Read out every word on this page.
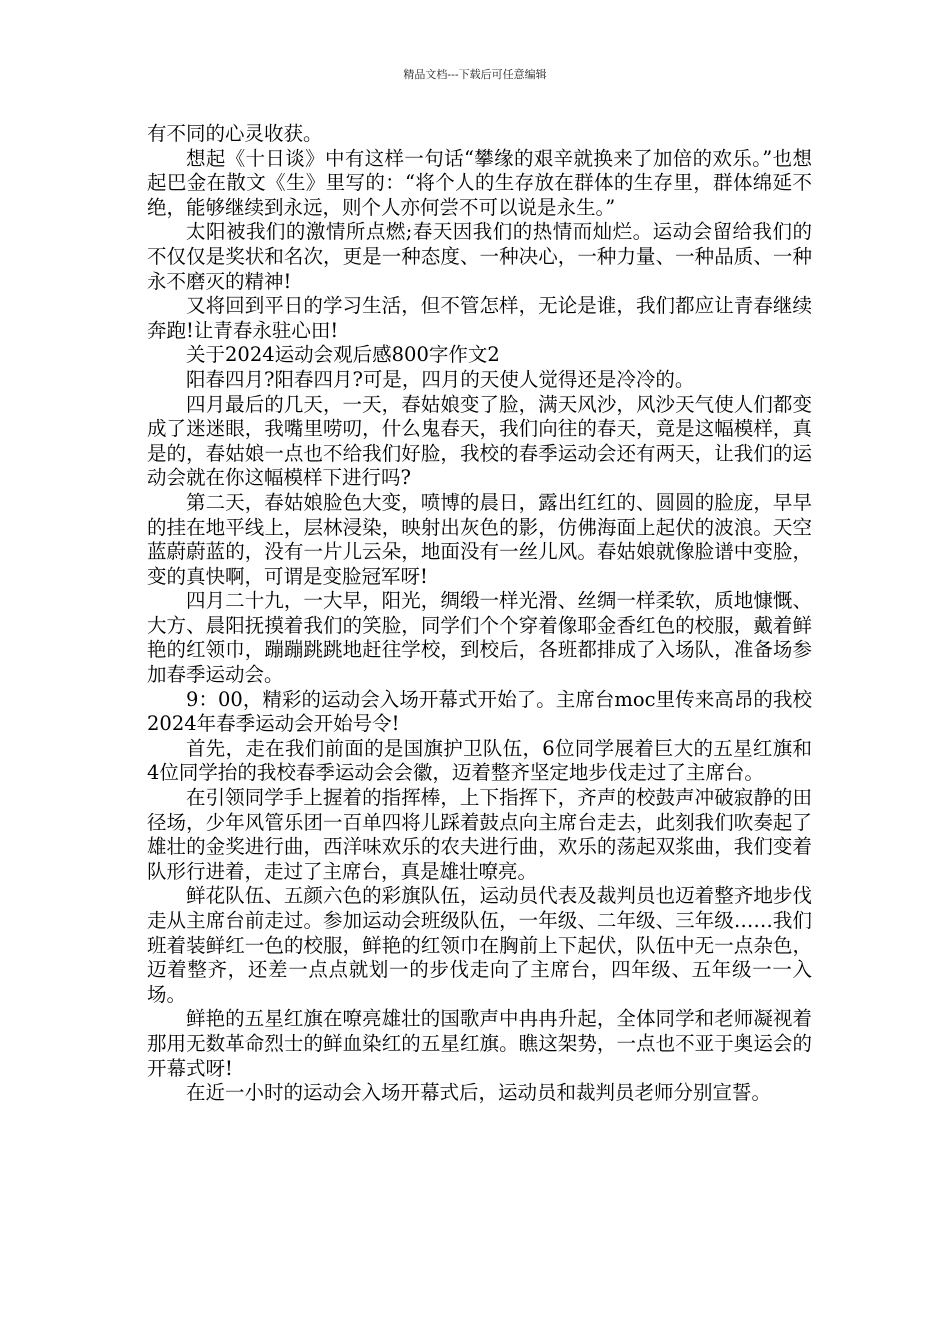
精品文档---下载后可任意编辑

有不同的心灵收获。

想起《十日谈》中有这样一句话“攀缘的艰辛就换来了加倍的欢乐。”也想起巴金在散文《生》里写的：“将个人的生存放在群体的生存里，群体绵延不绝，能够继续到永远，则个人亦何尝不可以说是永生。”

太阳被我们的激情所点燃;春天因我们的热情而灿烂。运动会留给我们的不仅仅是奖状和名次，更是一种态度、一种决心，一种力量、一种品质、一种永不磨灭的精神!

又将回到平日的学习生活，但不管怎样，无论是谁，我们都应让青春继续奔跑!让青春永驻心田!

关于2024运动会观后感800字作文2

阳春四月?阳春四月?可是，四月的天使人觉得还是冷冷的。

四月最后的几天，一天，春姑娘变了脸，满天风沙，风沙天气使人们都变成了迷迷眼，我嘴里唠叨，什么鬼春天，我们向往的春天，竟是这幅模样，真是的，春姑娘一点也不给我们好脸，我校的春季运动会还有两天，让我们的运动会就在你这幅模样下进行吗?

第二天，春姑娘脸色大变，喷博的晨日，露出红红的、圆圆的脸庞，早早的挂在地平线上，层林浸染，映射出灰色的影，仿佛海面上起伏的波浪。天空蓝蔚蔚蓝的，没有一片儿云朵，地面没有一丝儿风。春姑娘就像脸谱中变脸，变的真快啊，可谓是变脸冠军呀!

四月二十九，一大早，阳光，绸缎一样光滑、丝绸一样柔软，质地慷慨、大方、晨阳抚摸着我们的笑脸，同学们个个穿着像耶金香红色的校服，戴着鲜艳的红领巾，蹦蹦跳跳地赶往学校，到校后，各班都排成了入场队，准备场参加春季运动会。

9：00，精彩的运动会入场开幕式开始了。主席台moc里传来高昂的我校2024年春季运动会开始号令!

首先，走在我们前面的是国旗护卫队伍，6位同学展着巨大的五星红旗和4位同学抬的我校春季运动会会徽，迈着整齐坚定地步伐走过了主席台。

在引领同学手上握着的指挥棒，上下指挥下，齐声的校鼓声冲破寂静的田径场，少年风管乐团一百单四将儿踩着鼓点向主席台走去，此刻我们吹奏起了雄壮的金奖进行曲，西洋味欢乐的农夫进行曲，欢乐的荡起双浆曲，我们变着队形行进着，走过了主席台，真是雄壮嘹亮。

鲜花队伍、五颜六色的彩旗队伍，运动员代表及裁判员也迈着整齐地步伐走从主席台前走过。参加运动会班级队伍，一年级、二年级、三年级……我们班着装鲜红一色的校服，鲜艳的红领巾在胸前上下起伏，队伍中无一点杂色，迈着整齐，还差一点点就划一的步伐走向了主席台，四年级、五年级一一入场。

鲜艳的五星红旗在嘹亮雄壮的国歌声中冉冉升起，全体同学和老师凝视着那用无数革命烈士的鲜血染红的五星红旗。瞧这架势，一点也不亚于奥运会的开幕式呀!

在近一小时的运动会入场开幕式后，运动员和裁判员老师分别宣誓。
